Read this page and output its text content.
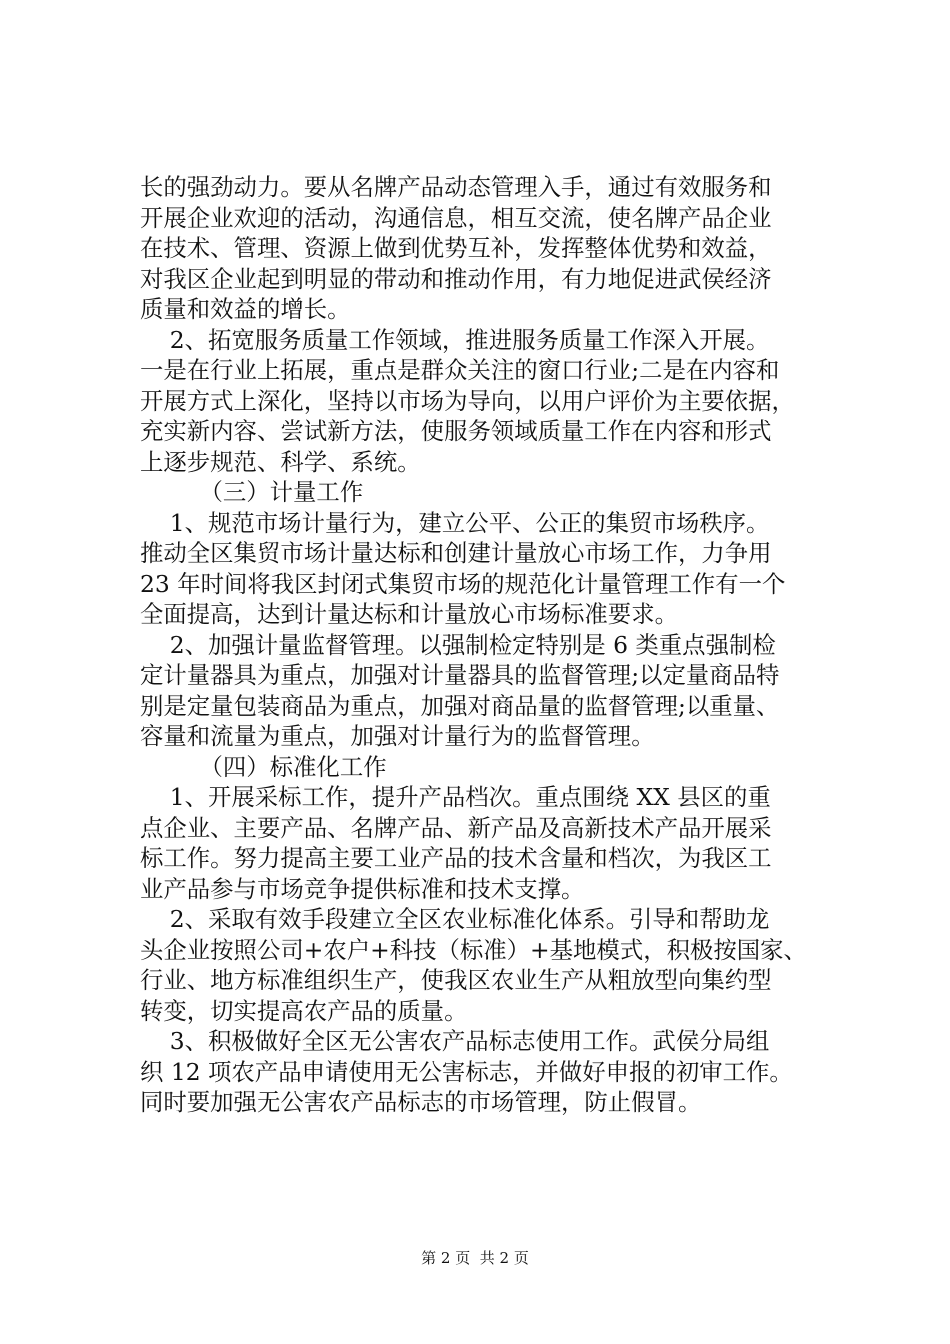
长的强劲动力。要从名牌产品动态管理入手，通过有效服务和
开展企业欢迎的活动，沟通信息，相互交流，使名牌产品企业
在技术、管理、资源上做到优势互补，发挥整体优势和效益，
对我区企业起到明显的带动和推动作用，有力地促进武侯经济
质量和效益的增长。
2、拓宽服务质量工作领域，推进服务质量工作深入开展。
一是在行业上拓展，重点是群众关注的窗口行业;二是在内容和
开展方式上深化，坚持以市场为导向，以用户评价为主要依据，
充实新内容、尝试新方法，使服务领域质量工作在内容和形式
上逐步规范、科学、系统。
（三）计量工作
1、规范市场计量行为，建立公平、公正的集贸市场秩序。
推动全区集贸市场计量达标和创建计量放心市场工作，力争用
23 年时间将我区封闭式集贸市场的规范化计量管理工作有一个
全面提高，达到计量达标和计量放心市场标准要求。
2、加强计量监督管理。以强制检定特别是 6 类重点强制检
定计量器具为重点，加强对计量器具的监督管理;以定量商品特
别是定量包装商品为重点，加强对商品量的监督管理;以重量、
容量和流量为重点，加强对计量行为的监督管理。
（四）标准化工作
1、开展采标工作，提升产品档次。重点围绕 XX 县区的重
点企业、主要产品、名牌产品、新产品及高新技术产品开展采
标工作。努力提高主要工业产品的技术含量和档次，为我区工
业产品参与市场竞争提供标准和技术支撑。
2、采取有效手段建立全区农业标准化体系。引导和帮助龙
头企业按照公司+农户+科技（标准）+基地模式，积极按国家、
行业、地方标准组织生产，使我区农业生产从粗放型向集约型
转变，切实提高农产品的质量。
3、积极做好全区无公害农产品标志使用工作。武侯分局组
织 12 项农产品申请使用无公害标志，并做好申报的初审工作。
同时要加强无公害农产品标志的市场管理，防止假冒。
第 2 页  共 2 页
